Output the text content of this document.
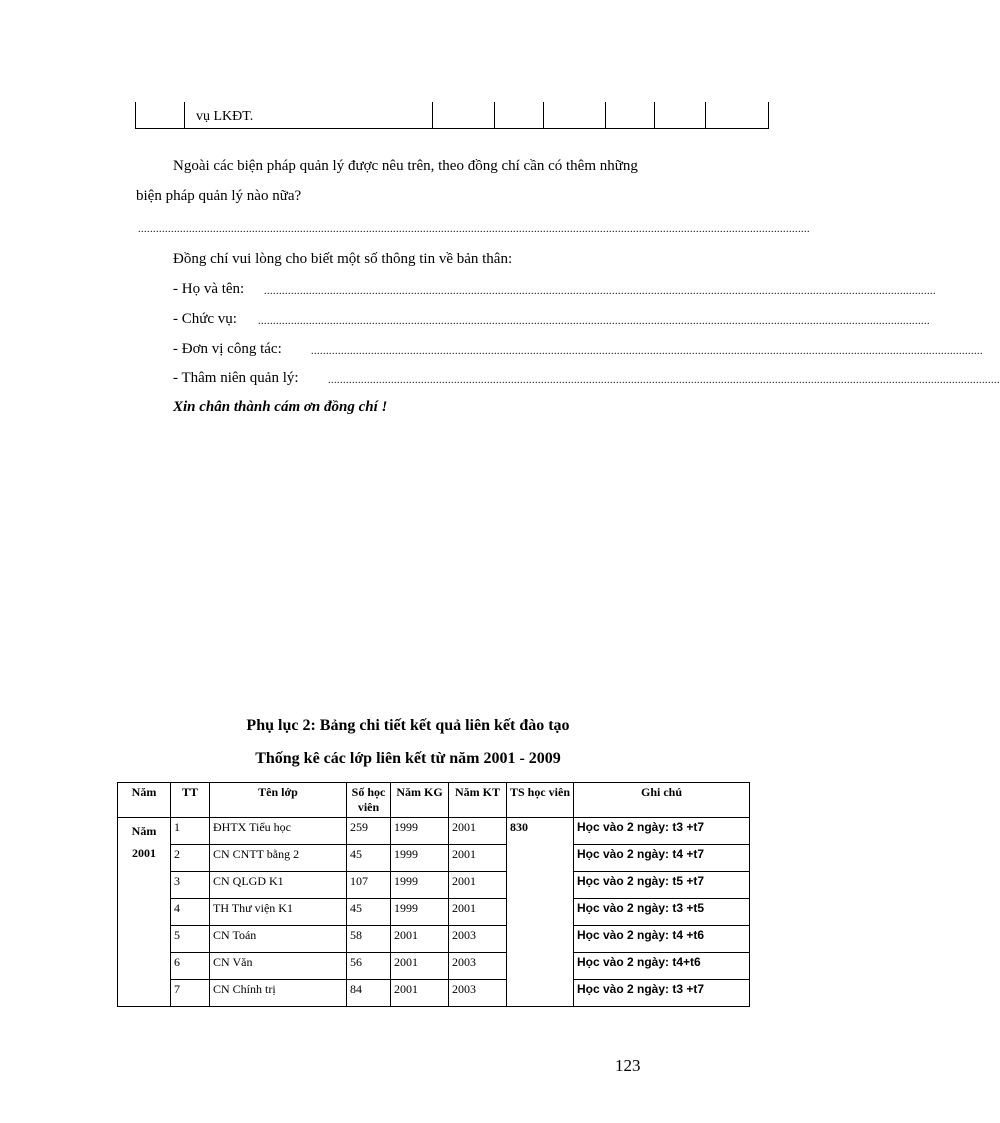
vụ LKĐT.
Ngoài các biện pháp quản lý được nêu trên, theo đồng chí cần có thêm những
biện pháp quản lý nào nữa?
................................................................................................................................................................................................................................
Đồng chí vui lòng cho biết một số thông tin về bản thân:
- Họ và tên: ................................................................................................................................................................................................................................
- Chức vụ: ................................................................................................................................................................................................................................
- Đơn vị công tác:	................................................................................................................................................................................................................................
- Thâm niên quản lý:	................................................................................................................................................................................................................................
Xin chân thành cám ơn đồng chí !
Phụ lục 2: Bảng chi tiết kết quả liên kết đào tạo
Thống kê các lớp liên kết từ năm 2001 - 2009
Năm	TT	Tên lớp	Số học viên	Năm KG	Năm KT	TS học viên	Ghi chú
Năm 2001	1	ĐHTX Tiểu học	259	1999	2001	830	Học vào 2 ngày: t3 +t7
	2	CN CNTT bằng 2	45	1999	2001		Học vào 2 ngày: t4 +t7
	3	CN QLGD K1	107	1999	2001		Học vào 2 ngày: t5 +t7
	4	TH Thư viện K1	45	1999	2001		Học vào 2 ngày: t3 +t5
	5	CN Toán	58	2001	2003		Học vào 2 ngày: t4 +t6
	6	CN Văn	56	2001	2003		Học vào 2 ngày: t4+t6
	7	CN Chính trị	84	2001	2003		Học vào 2 ngày: t3 +t7
123
